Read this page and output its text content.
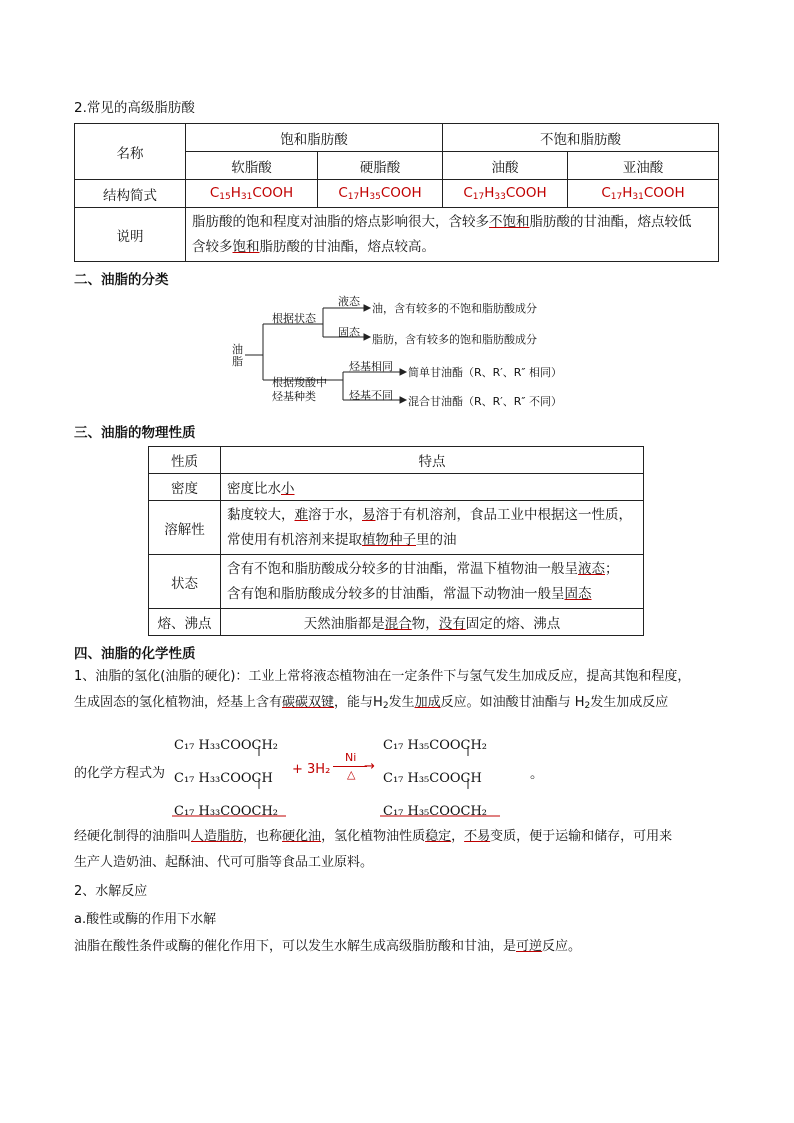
2.常见的高级脂肪酸
名称	饱和脂肪酸		不饱和脂肪酸	
	软脂酸	硬脂酸	油酸	亚油酸
结构简式	$C_{15}H_{31}COOH$	$C_{17}H_{35}COOH$	$C_{17}H_{33}COOH$	$C_{17}H_{31}COOH$
说明	脂肪酸的饱和程度对油脂的熔点影响很大，含较多不饱和脂肪酸的甘油酯，熔点较低
含较多饱和脂肪酸的甘油酯，熔点较高。			
二、油脂的分类
油脂
根据状态
液态
油，含有较多的不饱和脂肪酸成分
固态
脂肪，含有较多的饱和脂肪酸成分
根据羧酸中
烃基种类
烃基相同 简单甘油酯（R、R′、R″ 相同）
烃基不同 混合甘油酯（R、R′、R″ 不同）
三、油脂的物理性质
性质	特点
密度	密度比水小
溶解性	黏度较大，难溶于水，易溶于有机溶剂，食品工业中根据这一性质，
常使用有机溶剂来提取植物种子里的油
状态	含有不饱和脂肪酸成分较多的甘油酯，常温下植物油一般呈液态；
含有饱和脂肪酸成分较多的甘油酯，常温下动物油一般呈固态
熔、沸点	天然油脂都是混合物，没有固定的熔、沸点
四、油脂的化学性质
1、油脂的氢化(油脂的硬化)：工业上常将液态植物油在一定条件下与氢气发生加成反应，提高其饱和程度，
生成固态的氢化植物油，烃基上含有碳碳双键，能与$H_2$发生加成反应。如油酸甘油酯与 $H_2$发生加成反应
的化学方程式为
C₁₇ H₃₃COOCH₂
C₁₇ H₃₃COOCH
C₁₇ H₃₃COOCH₂
+ 3H₂
Ni
→
△
C₁₇ H₃₅COOCH₂
C₁₇ H₃₅COOCH
C₁₇ H₃₅COOCH₂
。
经硬化制得的油脂叫人造脂肪，也称硬化油，氢化植物油性质稳定，不易变质，便于运输和储存，可用来
生产人造奶油、起酥油、代可可脂等食品工业原料。
2、水解反应
a.酸性或酶的作用下水解
油脂在酸性条件或酶的催化作用下，可以发生水解生成高级脂肪酸和甘油，是可逆反应。
